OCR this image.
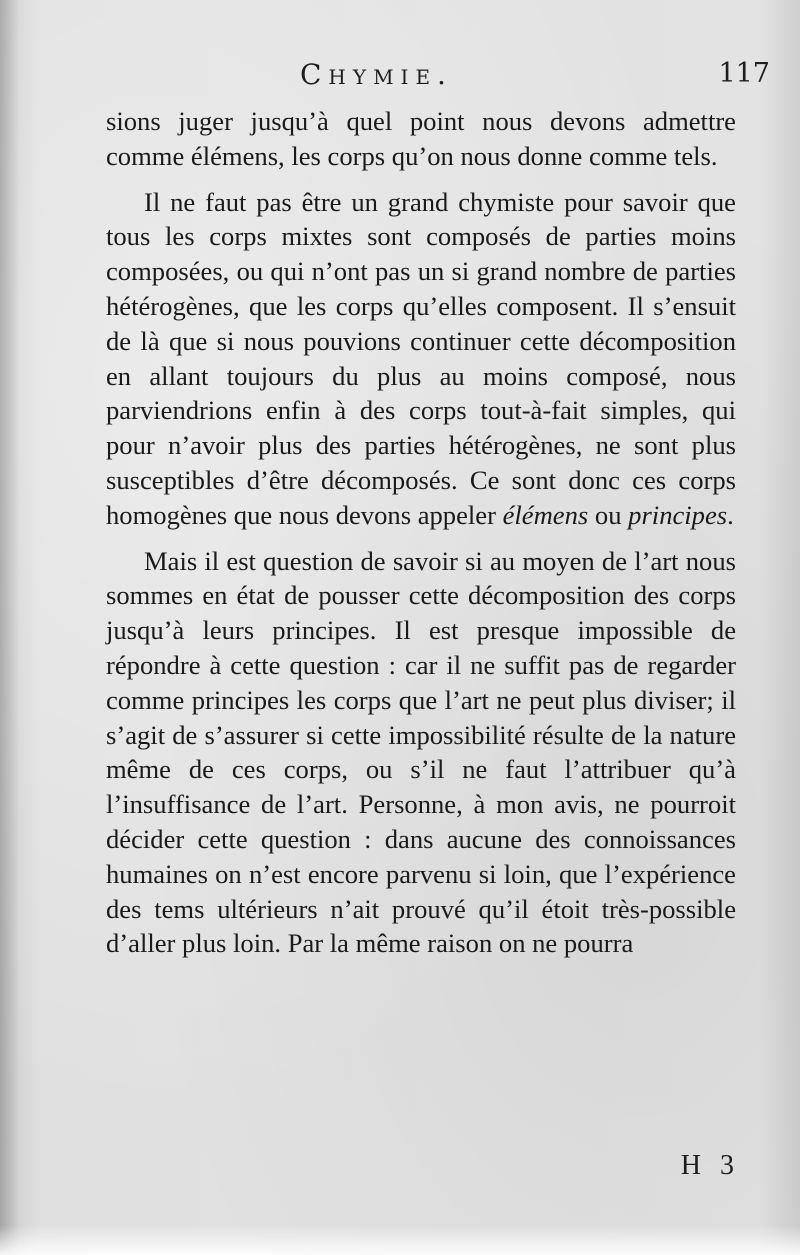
Chymie.	117

sions juger jusqu’à quel point nous devons admettre comme élémens, les corps qu’on nous donne comme tels.

Il ne faut pas être un grand chymiste pour savoir que tous les corps mixtes sont composés de parties moins composées, ou qui n’ont pas un si grand nombre de parties hétérogènes, que les corps qu’elles composent. Il s’ensuit de là que si nous pouvions continuer cette décomposition en allant toujours du plus au moins composé, nous parviendrions enfin à des corps tout-à-fait simples, qui pour n’avoir plus des parties hétérogènes, ne sont plus susceptibles d’être décomposés. Ce sont donc ces corps homogènes que nous devons appeler élémens ou principes.

Mais il est question de savoir si au moyen de l’art nous sommes en état de pousser cette décomposition des corps jusqu’à leurs principes. Il est presque impossible de répondre à cette question : car il ne suffit pas de regarder comme principes les corps que l’art ne peut plus diviser; il s’agit de s’assurer si cette impossibilité résulte de la nature même de ces corps, ou s’il ne faut l’attribuer qu’à l’insuffisance de l’art. Personne, à mon avis, ne pourroit décider cette question : dans aucune des connoissances humaines on n’est encore parvenu si loin, que l’expérience des tems ultérieurs n’ait prouvé qu’il étoit très-possible d’aller plus loin. Par la même raison on ne pourra

H 3
